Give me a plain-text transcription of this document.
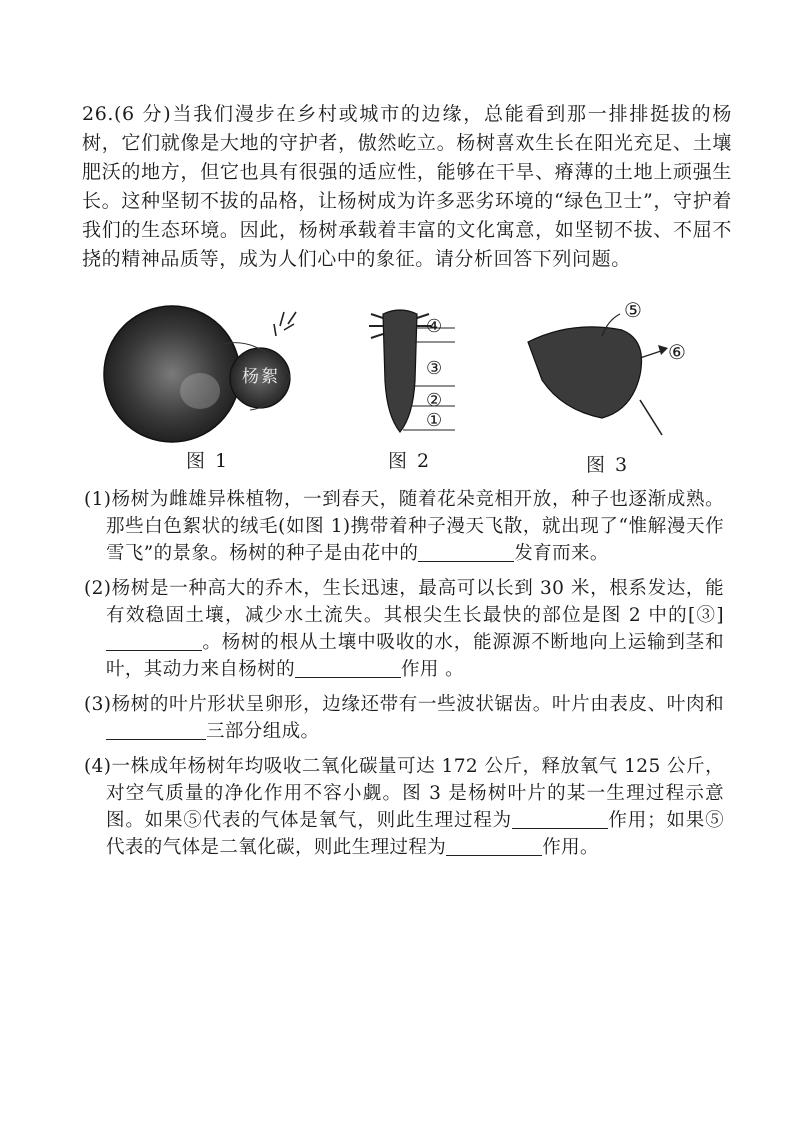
26.(6 分)当我们漫步在乡村或城市的边缘，总能看到那一排排挺拔的杨树，它们就像是大地的守护者，傲然屹立。杨树喜欢生长在阳光充足、土壤肥沃的地方，但它也具有很强的适应性，能够在干旱、瘠薄的土地上顽强生长。这种坚韧不拔的品格，让杨树成为许多恶劣环境的“绿色卫士”，守护着我们的生态环境。因此，杨树承载着丰富的文化寓意，如坚韧不拔、不屈不挠的精神品质等，成为人们心中的象征。请分析回答下列问题。
杨絮
图 1
④
③
②
①
图 2
⑤
⑥
图 3

(1)杨树为雌雄异株植物，一到春天，随着花朵竞相开放，种子也逐渐成熟。那些白色絮状的绒毛(如图 1)携带着种子漫天飞散，就出现了“惟解漫天作雪飞”的景象。杨树的种子是由花中的	发育而来。

(2)杨树是一种高大的乔木，生长迅速，最高可以长到 30 米，根系发达，能有效稳固土壤，减少水土流失。其根尖生长最快的部位是图 2 中的[③]。杨树的根从土壤中吸收的水，能源源不断地向上运输到茎和叶，其动力来自杨树的	作用 。

(3)杨树的叶片形状呈卵形，边缘还带有一些波状锯齿。叶片由表皮、叶肉和三部分组成。

(4)一株成年杨树年均吸收二氧化碳量可达 172 公斤，释放氧气 125 公斤，对空气质量的净化作用不容小觑。图 3 是杨树叶片的某一生理过程示意图。如果⑤代表的气体是氧气，则此生理过程为	作用；如果⑤代表的气体是二氧化碳，则此生理过程为	作用。
